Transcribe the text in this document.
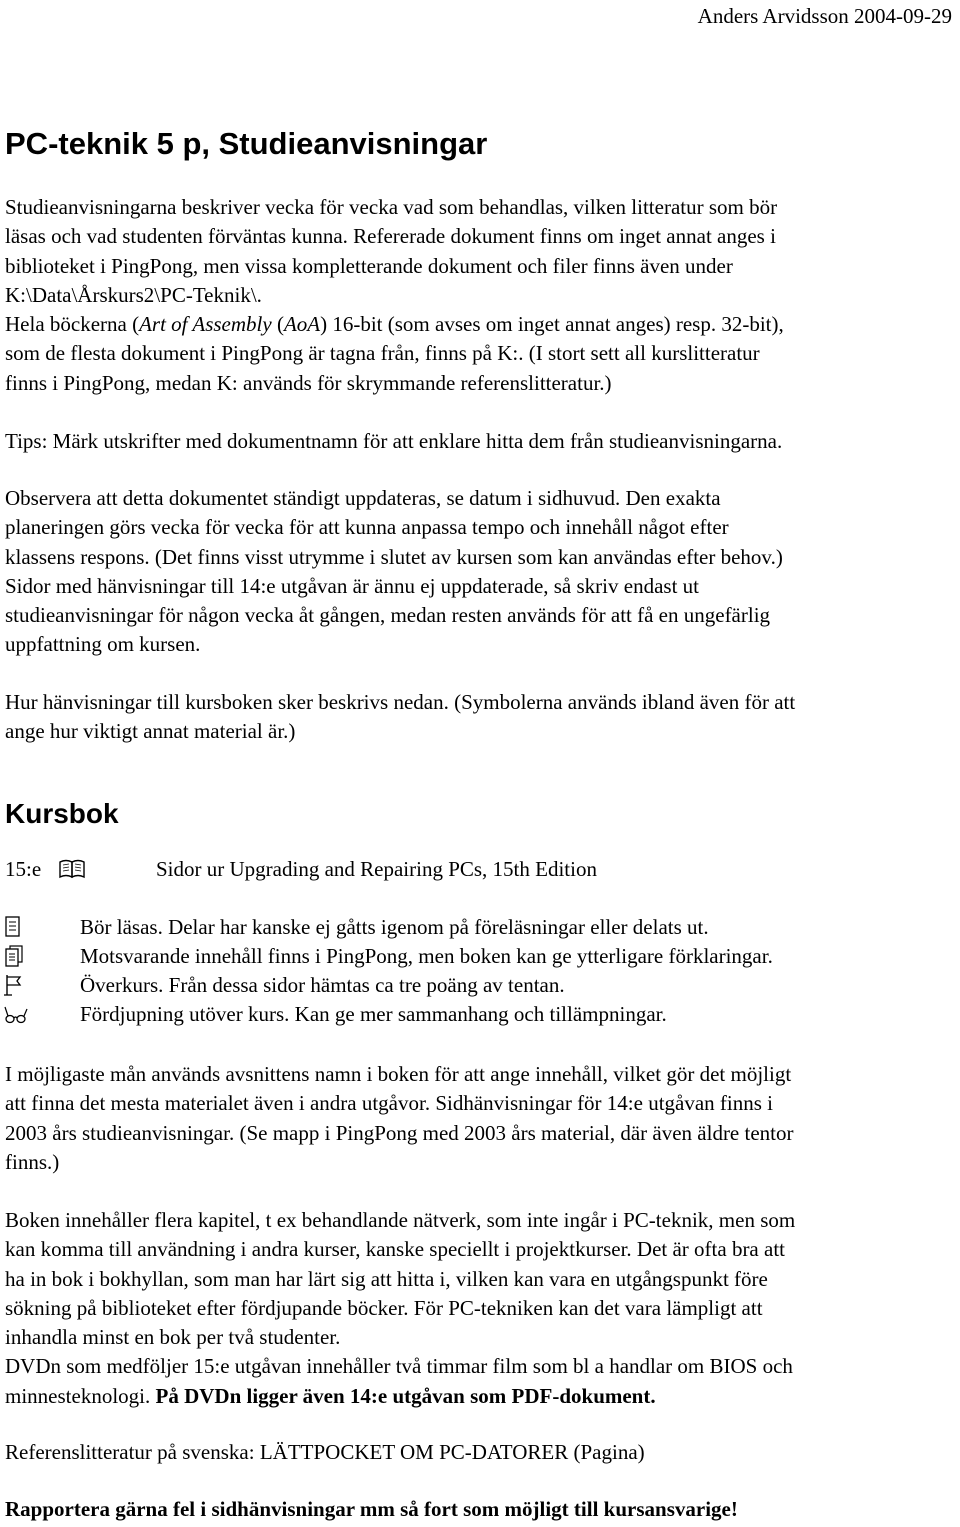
Anders Arvidsson 2004-09-29
PC-teknik 5 p, Studieanvisningar
Studieanvisningarna beskriver vecka för vecka vad som behandlas, vilken litteratur som bör
läsas och vad studenten förväntas kunna. Refererade dokument finns om inget annat anges i
biblioteket i PingPong, men vissa kompletterande dokument och filer finns även under
K:\Data\Årskurs2\PC-Teknik\.
Hela böckerna (Art of Assembly (AoA) 16-bit (som avses om inget annat anges) resp. 32-bit),
som de flesta dokument i PingPong är tagna från, finns på K:. (I stort sett all kurslitteratur
finns i PingPong, medan K: används för skrymmande referenslitteratur.)
Tips: Märk utskrifter med dokumentnamn för att enklare hitta dem från studieanvisningarna.
Observera att detta dokumentet ständigt uppdateras, se datum i sidhuvud. Den exakta
planeringen görs vecka för vecka för att kunna anpassa tempo och innehåll något efter
klassens respons. (Det finns visst utrymme i slutet av kursen som kan användas efter behov.)
Sidor med hänvisningar till 14:e utgåvan är ännu ej uppdaterade, så skriv endast ut
studieanvisningar för någon vecka åt gången, medan resten används för att få en ungefärlig
uppfattning om kursen.
Hur hänvisningar till kursboken sker beskrivs nedan. (Symbolerna används ibland även för att
ange hur viktigt annat material är.)
Kursbok
15:e	Sidor ur Upgrading and Repairing PCs, 15th Edition
Bör läsas. Delar har kanske ej gåtts igenom på föreläsningar eller delats ut.
Motsvarande innehåll finns i PingPong, men boken kan ge ytterligare förklaringar.
Överkurs. Från dessa sidor hämtas ca tre poäng av tentan.
Fördjupning utöver kurs. Kan ge mer sammanhang och tillämpningar.
I möjligaste mån används avsnittens namn i boken för att ange innehåll, vilket gör det möjligt
att finna det mesta materialet även i andra utgåvor. Sidhänvisningar för 14:e utgåvan finns i
2003 års studieanvisningar. (Se mapp i PingPong med 2003 års material, där även äldre tentor
finns.)
Boken innehåller flera kapitel, t ex behandlande nätverk, som inte ingår i PC-teknik, men som
kan komma till användning i andra kurser, kanske speciellt i projektkurser. Det är ofta bra att
ha in bok i bokhyllan, som man har lärt sig att hitta i, vilken kan vara en utgångspunkt före
sökning på biblioteket efter fördjupande böcker. För PC-tekniken kan det vara lämpligt att
inhandla minst en bok per två studenter.
DVDn som medföljer 15:e utgåvan innehåller två timmar film som bl a handlar om BIOS och
minnesteknologi. På DVDn ligger även 14:e utgåvan som PDF-dokument.
Referenslitteratur på svenska: LÄTTPOCKET OM PC-DATORER (Pagina)
Rapportera gärna fel i sidhänvisningar mm så fort som möjligt till kursansvarige!
